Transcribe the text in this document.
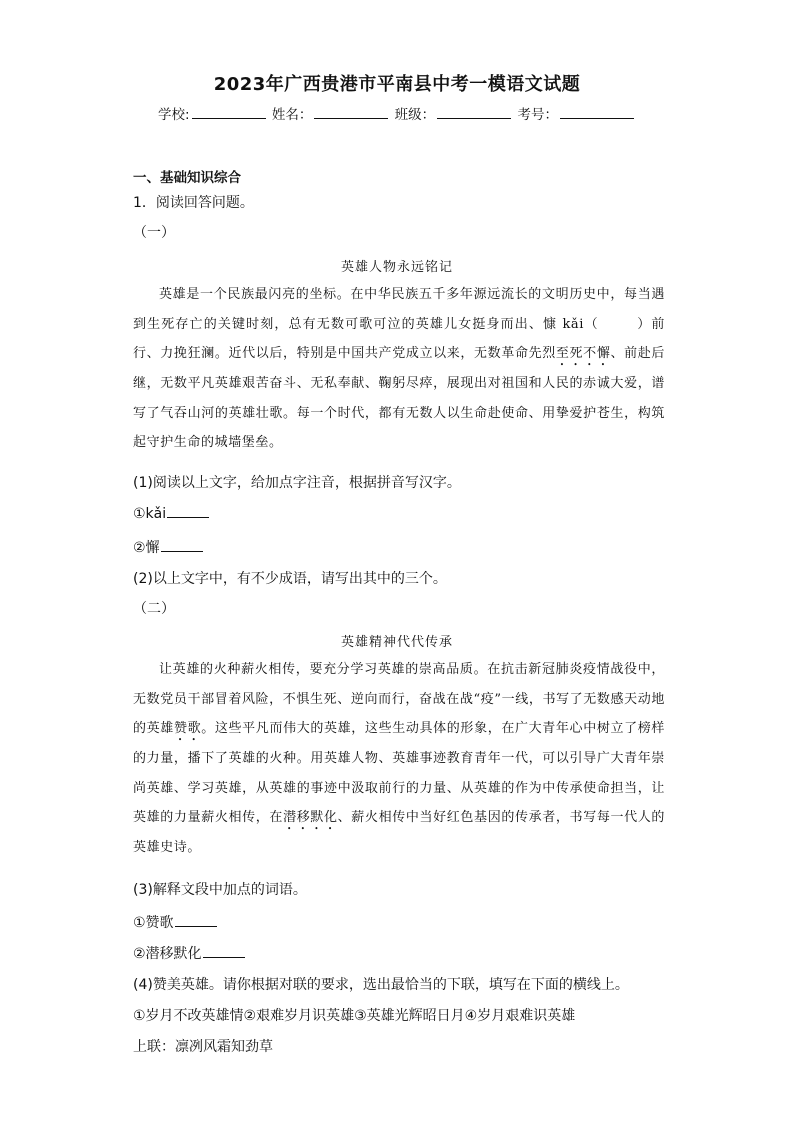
2023年广西贵港市平南县中考一模语文试题
学校:	姓名：	班级：	考号：
一、基础知识综合
1．阅读回答问题。
（一）
英雄人物永远铭记
英雄是一个民族最闪亮的坐标。在中华民族五千多年源远流长的文明历史中，每当遇到生死存亡的关键时刻，总有无数可歌可泣的英雄儿女挺身而出、慷 kǎi（	）前行、力挽狂澜。近代以后，特别是中国共产党成立以来，无数革命先烈至死不懈、前赴后继，无数平凡英雄艰苦奋斗、无私奉献、鞠躬尽瘁，展现出对祖国和人民的赤诚大爱，谱写了气吞山河的英雄壮歌。每一个时代，都有无数人以生命赴使命、用挚爱护苍生，构筑起守护生命的城墙堡垒。
(1)阅读以上文字，给加点字注音，根据拼音写汉字。
①kǎi
②懈
(2)以上文字中，有不少成语，请写出其中的三个。
（二）
英雄精神代代传承
让英雄的火种薪火相传，要充分学习英雄的崇高品质。在抗击新冠肺炎疫情战役中，无数党员干部冒着风险，不惧生死、逆向而行，奋战在战“疫”一线，书写了无数感天动地的英雄赞歌。这些平凡而伟大的英雄，这些生动具体的形象，在广大青年心中树立了榜样的力量，播下了英雄的火种。用英雄人物、英雄事迹教育青年一代，可以引导广大青年崇尚英雄、学习英雄，从英雄的事迹中汲取前行的力量、从英雄的作为中传承使命担当，让英雄的力量薪火相传，在潜移默化、薪火相传中当好红色基因的传承者，书写每一代人的英雄史诗。
(3)解释文段中加点的词语。
①赞歌
②潜移默化
(4)赞美英雄。请你根据对联的要求，选出最恰当的下联，填写在下面的横线上。
①岁月不改英雄情②艰难岁月识英雄③英雄光辉昭日月④岁月艰难识英雄
上联：凛冽风霜知劲草
